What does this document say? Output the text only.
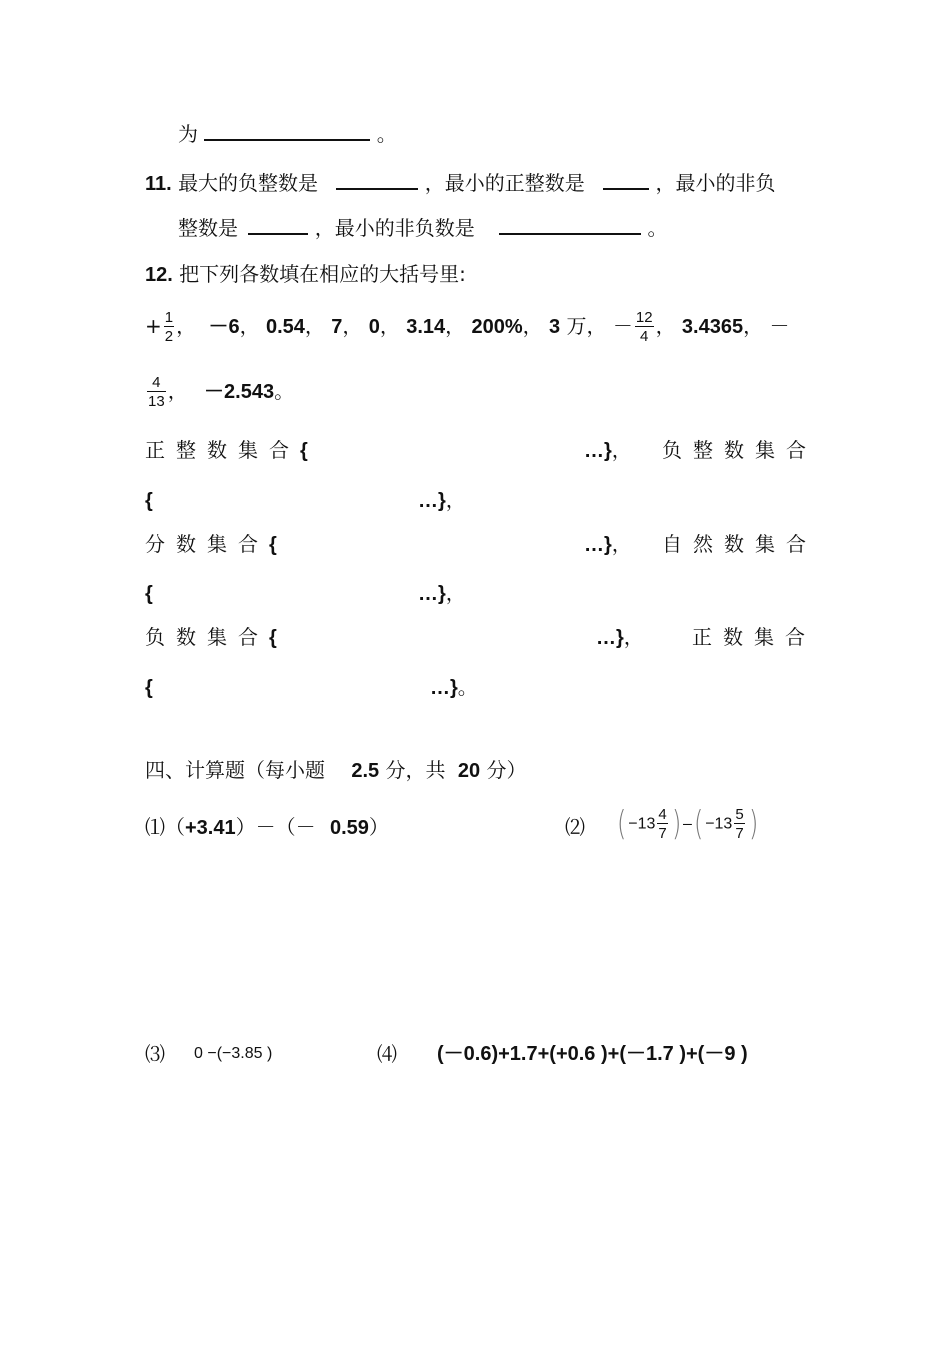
为	。
11. 最大的负整数是	，最小的正整数是	，最小的非负
整数是	，最小的非负数是	。
12. 把下列各数填在相应的大括号里:
+ $\frac{1}{2}$ ， －6， 0.54， 7， 0， 3.14， 200%， 3 万， － $\frac{12}{4}$ ， 3.4365， －
$\frac{4}{13}$ ， －2.543。
正整数集合{	…}， 负整数集合
{	…}，
分数集合{	…}， 自然数集合
{	…}，
负数集合{	…}， 正数集合
{	…}。
四、计算题（每小题 2.5 分，共 20 分）
⑴（+3.41）－（－ 0.59）	⑵ ( $-13 \frac{4}{7}$ ) –( $-13 \frac{5}{7}$ )
⑶ 0 −(−3.85 )	⑷ (－0.6)+1.7+(+0.6 )+(－1.7 )+(－9 )
